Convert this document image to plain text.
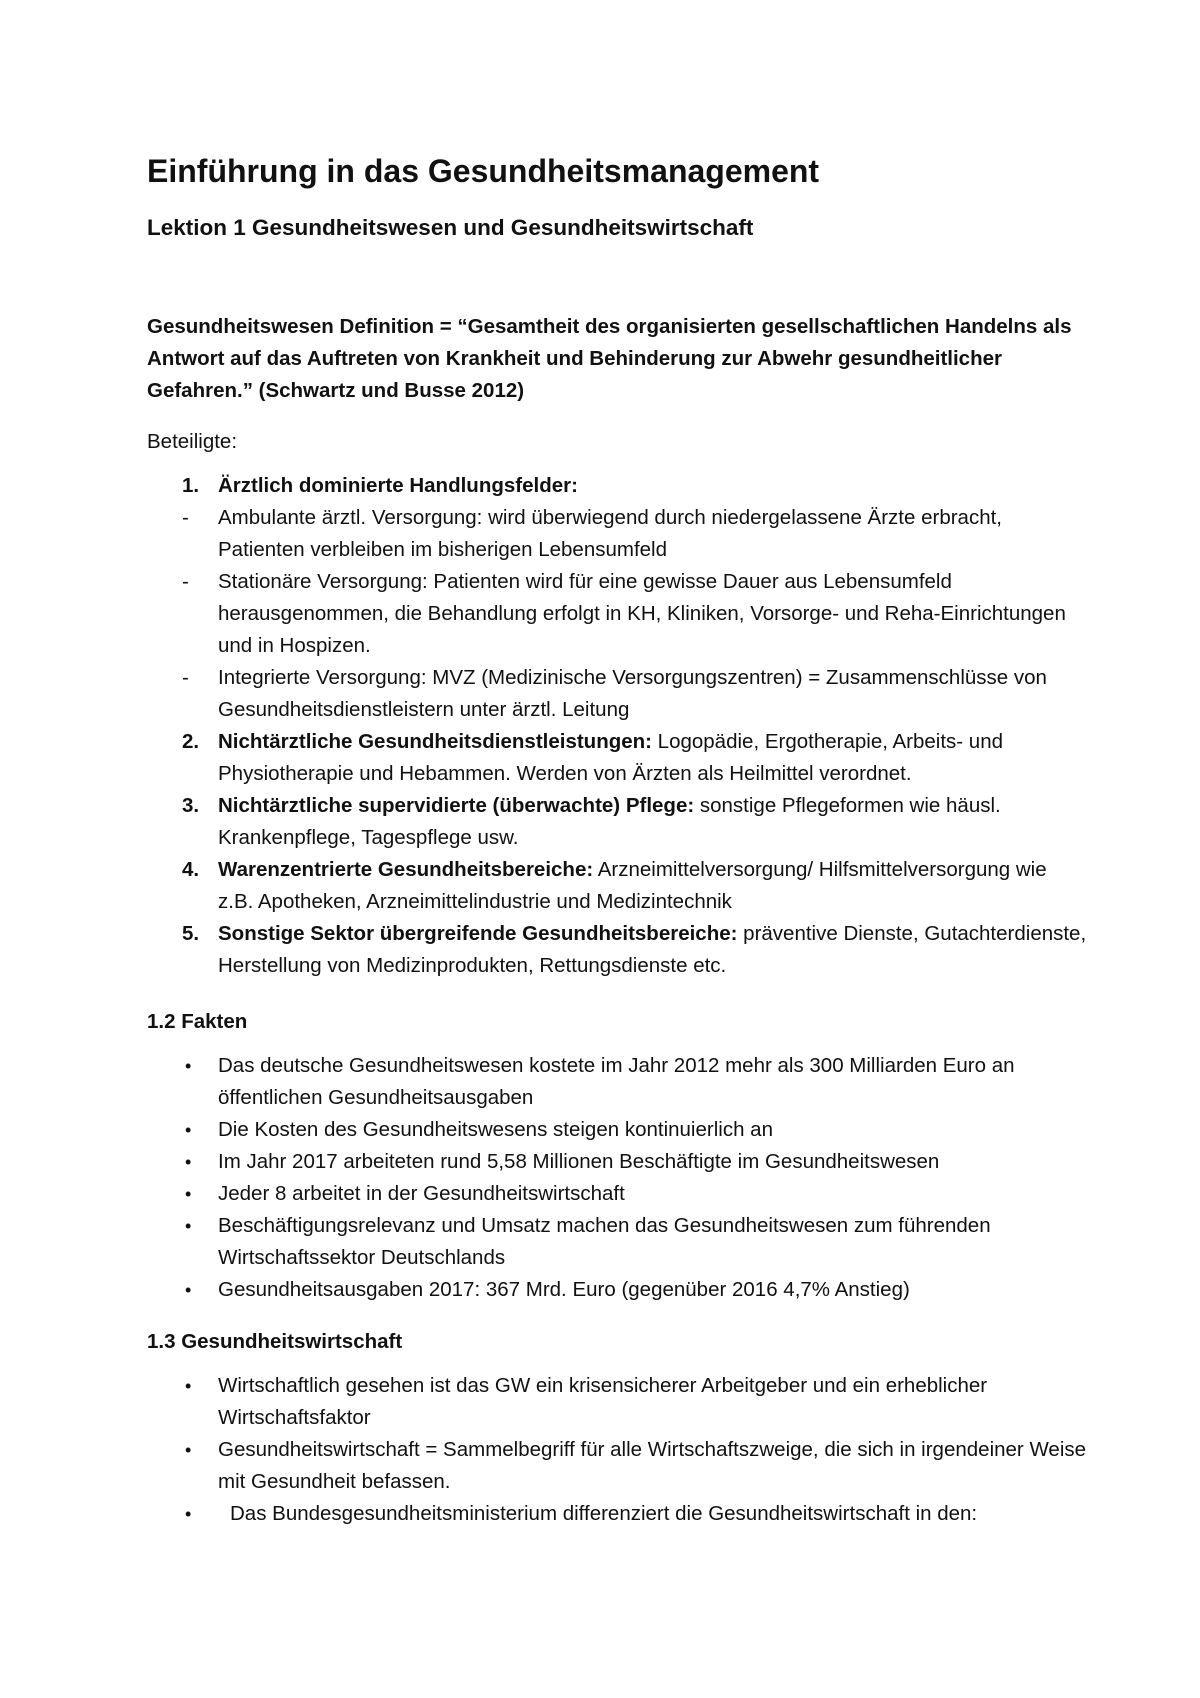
Einführung in das Gesundheitsmanagement
Lektion 1 Gesundheitswesen und Gesundheitswirtschaft

Gesundheitswesen Definition = “Gesamtheit des organisierten gesellschaftlichen Handelns als Antwort auf das Auftreten von Krankheit und Behinderung zur Abwehr gesundheitlicher Gefahren.” (Schwartz und Busse 2012)

Beteiligte:

1. Ärztlich dominierte Handlungsfelder:
- Ambulante ärztl. Versorgung: wird überwiegend durch niedergelassene Ärzte erbracht, Patienten verbleiben im bisherigen Lebensumfeld
- Stationäre Versorgung: Patienten wird für eine gewisse Dauer aus Lebensumfeld herausgenommen, die Behandlung erfolgt in KH, Kliniken, Vorsorge- und Reha-Einrichtungen und in Hospizen.
- Integrierte Versorgung: MVZ (Medizinische Versorgungszentren) = Zusammenschlüsse von Gesundheitsdienstleistern unter ärztl. Leitung
2. Nichtärztliche Gesundheitsdienstleistungen: Logopädie, Ergotherapie, Arbeits- und Physiotherapie und Hebammen. Werden von Ärzten als Heilmittel verordnet.
3. Nichtärztliche supervidierte (überwachte) Pflege: sonstige Pflegeformen wie häusl. Krankenpflege, Tagespflege usw.
4. Warenzentrierte Gesundheitsbereiche: Arzneimittelversorgung/ Hilfsmittelversorgung wie z.B. Apotheken, Arzneimittelindustrie und Medizintechnik
5. Sonstige Sektor übergreifende Gesundheitsbereiche: präventive Dienste, Gutachterdienste, Herstellung von Medizinprodukten, Rettungsdienste etc.

1.2 Fakten

• Das deutsche Gesundheitswesen kostete im Jahr 2012 mehr als 300 Milliarden Euro an öffentlichen Gesundheitsausgaben
• Die Kosten des Gesundheitswesens steigen kontinuierlich an
• Im Jahr 2017 arbeiteten rund 5,58 Millionen Beschäftigte im Gesundheitswesen
• Jeder 8 arbeitet in der Gesundheitswirtschaft
• Beschäftigungsrelevanz und Umsatz machen das Gesundheitswesen zum führenden Wirtschaftssektor Deutschlands
• Gesundheitsausgaben 2017: 367 Mrd. Euro (gegenüber 2016 4,7% Anstieg)

1.3 Gesundheitswirtschaft

• Wirtschaftlich gesehen ist das GW ein krisensicherer Arbeitgeber und ein erheblicher Wirtschaftsfaktor
• Gesundheitswirtschaft = Sammelbegriff für alle Wirtschaftszweige, die sich in irgendeiner Weise mit Gesundheit befassen.
• Das Bundesgesundheitsministerium differenziert die Gesundheitswirtschaft in den:
